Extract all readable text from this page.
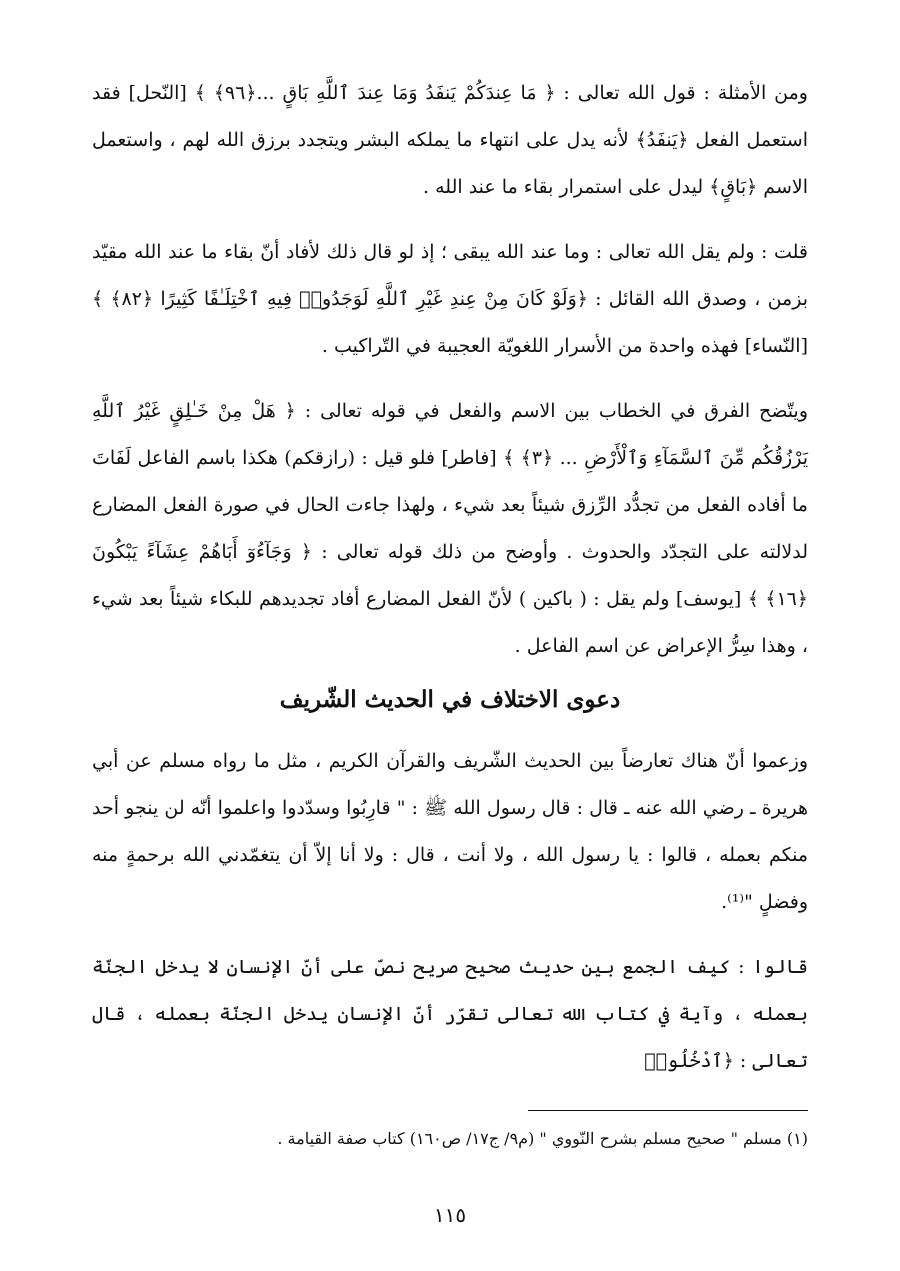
ومن الأمثلة : قول الله تعالى : ﴿ مَا عِندَكُمْ يَنفَدُ وَمَا عِندَ ٱللَّهِ بَاقٍ ...﴿٩٦﴾ ﴾ [النّحل] فقد استعمل الفعل ﴿يَنفَدُ﴾ لأنه يدل على انتهاء ما يملكه البشر ويتجدد برزق الله لهم ، واستعمل الاسم ﴿بَاقٍ﴾ ليدل على استمرار بقاء ما عند الله .

قلت : ولم يقل الله تعالى : وما عند الله يبقى ؛ إذ لو قال ذلك لأفاد أنّ بقاء ما عند الله مقيّد بزمن ، وصدق الله القائل : ﴿وَلَوْ كَانَ مِنْ عِندِ غَيْرِ ٱللَّهِ لَوَجَدُوا۟ فِيهِ ٱخْتِلَـٰفًا كَثِيرًا ﴿٨٢﴾ ﴾ [النّساء] فهذه واحدة من الأسرار اللغويّة العجيبة في التّراكيب .

ويتّضح الفرق في الخطاب بين الاسم والفعل في قوله تعالى : ﴿ هَلْ مِنْ خَـٰلِقٍ غَيْرُ ٱللَّهِ يَرْزُقُكُم مِّنَ ٱلسَّمَآءِ وَٱلْأَرْضِ ... ﴿٣﴾ ﴾ [فاطر] فلو قيل : (رازقكم) هكذا باسم الفاعل لَفَاتَ ما أفاده الفعل من تجدُّد الرِّزق شيئاً بعد شيء ، ولهذا جاءت الحال في صورة الفعل المضارع لدلالته على التجدّد والحدوث . وأوضح من ذلك قوله تعالى : ﴿ وَجَآءُوٓ أَبَاهُمْ عِشَآءً يَبْكُونَ ﴿١٦﴾ ﴾ [يوسف] ولم يقل : ( باكين ) لأنّ الفعل المضارع أفاد تجديدهم للبكاء شيئاً بعد شيء ، وهذا سِرُّ الإعراض عن اسم الفاعل .

دعوى الاختلاف في الحديث الشّريف

وزعموا أنّ هناك تعارضاً بين الحديث الشّريف والقرآن الكريم ، مثل ما رواه مسلم عن أبي هريرة ـ رضي الله عنه ـ قال : قال رسول الله ﷺ : " قارِبُوا وسدّدوا واعلموا أنّه لن ينجو أحد منكم بعمله ، قالوا : يا رسول الله ، ولا أنت ، قال : ولا أنا إلاّ أن يتغمّدني الله برحمةٍ منه وفضلٍ "⁽¹⁾.

قالوا : كيف الجمع بين حديث صحيح صريح نصّ على أنّ الإنسان لا يدخل الجنّة بعمله ، وآية في كتاب الله تعالى تقرّر أنّ الإنسان يدخل الجنّة بعمله ، قال تعالى : ﴿ٱدْخُلُوا۟

(١) مسلم " صحيح مسلم بشرح النّووي " (م٩/ ج١٧/ ص١٦٠) كتاب صفة القيامة .
١١٥
